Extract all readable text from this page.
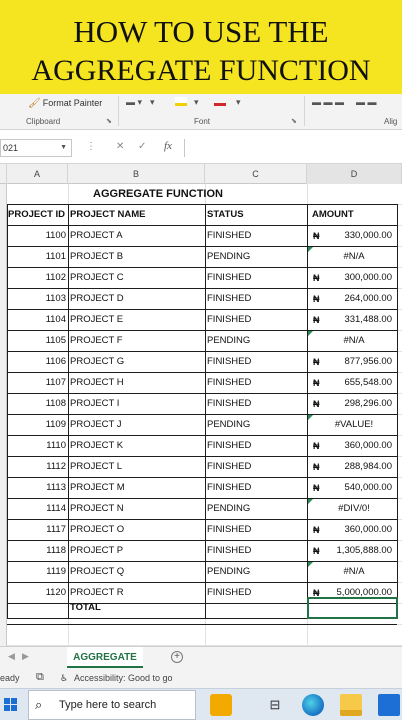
HOW TO USE THE
AGGREGATE FUNCTION
🖌 Format Painter
Clipboard	⬊
▬ ▾ ▾	▾	▾
Font	⬊
▬ ▬ ▬ ▬ ▬
Alig
021	▼ ⋮ ✕ ✓ fx
A	B	C	D
AGGREGATE FUNCTION
PROJECT ID PROJECT NAME	STATUS	AMOUNT
1100 PROJECT A	FINISHED	₦	330,000.00
1101 PROJECT B	PENDING	#N/A
1102 PROJECT C	FINISHED	₦	300,000.00
1103 PROJECT D	FINISHED	₦	264,000.00
1104 PROJECT E	FINISHED	₦	331,488.00
1105 PROJECT F	PENDING	#N/A
1106 PROJECT G	FINISHED	₦	877,956.00
1107 PROJECT H	FINISHED	₦	655,548.00
1108 PROJECT I	FINISHED	₦	298,296.00
1109 PROJECT J	PENDING	#VALUE!
1110 PROJECT K	FINISHED	₦	360,000.00
1112 PROJECT L	FINISHED	₦	288,984.00
1113 PROJECT M	FINISHED	₦	540,000.00
1114 PROJECT N	PENDING	#DIV/0!
1117 PROJECT O	FINISHED	₦	360,000.00
1118 PROJECT P	FINISHED	₦	1,305,888.00
1119 PROJECT Q	PENDING	#N/A
1120 PROJECT R	FINISHED	₦	5,000,000.00
TOTAL
◀ ▶	AGGREGATE	+
eady ⧉ ♿︎ Accessibility: Good to go
⌕ Type here to search	⊟
